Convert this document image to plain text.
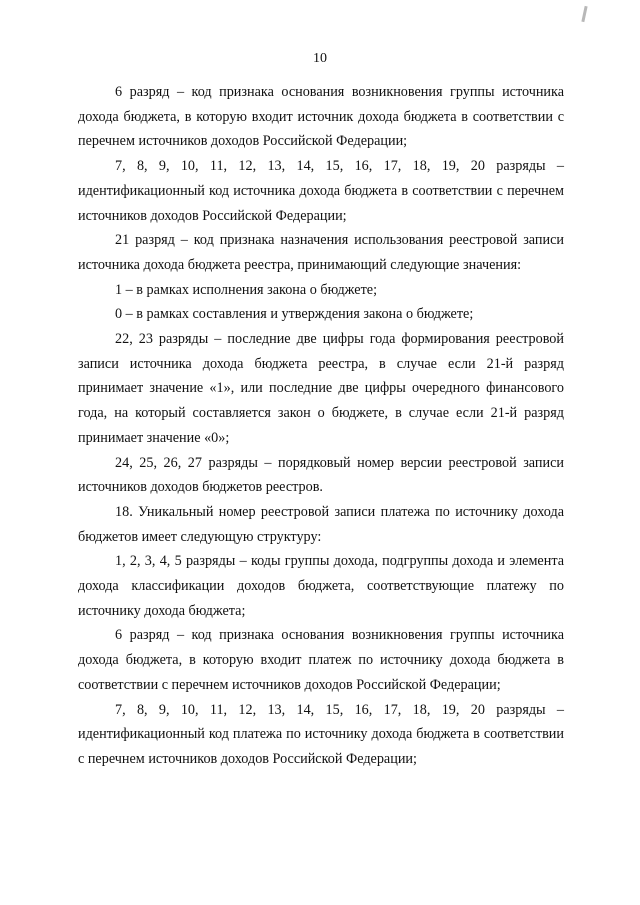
10

6 разряд – код признака основания возникновения группы источника дохода бюджета, в которую входит источник дохода бюджета в соответствии с перечнем источников доходов Российской Федерации;

7, 8, 9, 10, 11, 12, 13, 14, 15, 16, 17, 18, 19, 20 разряды – идентификационный код источника дохода бюджета в соответствии с перечнем источников доходов Российской Федерации;

21 разряд – код признака назначения использования реестровой записи источника дохода бюджета реестра, принимающий следующие значения:

1 – в рамках исполнения закона о бюджете;

0 – в рамках составления и утверждения закона о бюджете;

22, 23 разряды – последние две цифры года формирования реестровой записи источника дохода бюджета реестра, в случае если 21-й разряд принимает значение «1», или последние две цифры очередного финансового года, на который составляется закон о бюджете, в случае если 21-й разряд принимает значение «0»;

24, 25, 26, 27 разряды – порядковый номер версии реестровой записи источников доходов бюджетов реестров.

18. Уникальный номер реестровой записи платежа по источнику дохода бюджетов имеет следующую структуру:

1, 2, 3, 4, 5 разряды – коды группы дохода, подгруппы дохода и элемента дохода классификации доходов бюджета, соответствующие платежу по источнику дохода бюджета;

6 разряд – код признака основания возникновения группы источника дохода бюджета, в которую входит платеж по источнику дохода бюджета в соответствии с перечнем источников доходов Российской Федерации;

7, 8, 9, 10, 11, 12, 13, 14, 15, 16, 17, 18, 19, 20 разряды – идентификационный код платежа по источнику дохода бюджета в соответствии с перечнем источников доходов Российской Федерации;
